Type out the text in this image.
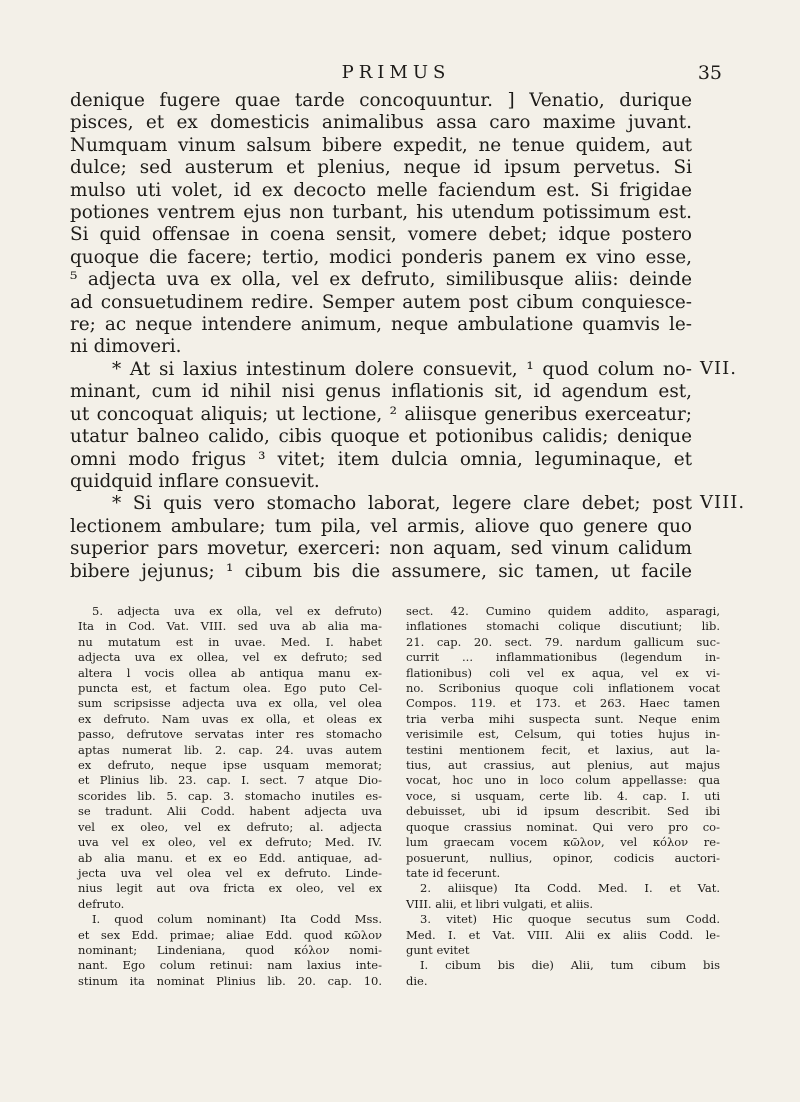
PRIMUS	35

denique fugere quae tarde concoquuntur. ] Venatio, durique

pisces, et ex domesticis animalibus assa caro maxime juvant.

Numquam vinum salsum bibere expedit, ne tenue quidem, aut

dulce; sed austerum et plenius, neque id ipsum pervetus. Si

mulso uti volet, id ex decocto melle faciendum est. Si frigidae

potiones ventrem ejus non turbant, his utendum potissimum est.

Si quid offensae in coena sensit, vomere debet; idque postero

quoque die facere; tertio, modici ponderis panem ex vino esse,

⁵ adjecta uva ex olla, vel ex defruto, similibusque aliis: deinde

ad consuetudinem redire. Semper autem post cibum conquiesce-

re; ac neque intendere animum, neque ambulatione quamvis le-

ni dimoveri.

* At si laxius intestinum dolere consuevit, ¹ quod colum no-

minant, cum id nihil nisi genus inflationis sit, id agendum est,

ut concoquat aliquis; ut lectione, ² aliisque generibus exerceatur;

utatur balneo calido, cibis quoque et potionibus calidis; denique

omni modo frigus ³ vitet; item dulcia omnia, leguminaque, et

quidquid inflare consuevit.

* Si quis vero stomacho laborat, legere clare debet; post

lectionem ambulare; tum pila, vel armis, aliove quo genere quo

superior pars movetur, exerceri: non aquam, sed vinum calidum

bibere jejunus; ¹ cibum bis die assumere, sic tamen, ut facile

VII.
VIII.

5. adjecta uva ex olla, vel ex defruto)

Ita in Cod. Vat. VIII. sed uva ab alia ma-

nu mutatum est in uvae. Med. I. habet

adjecta uva ex ollea, vel ex defruto; sed

altera l vocis ollea ab antiqua manu ex-

puncta est, et factum olea. Ego puto Cel-

sum scripsisse adjecta uva ex olla, vel olea

ex defruto. Nam uvas ex olla, et oleas ex

passo, defrutove servatas inter res stomacho

aptas numerat lib. 2. cap. 24. uvas autem

ex defruto, neque ipse usquam memorat;

et Plinius lib. 23. cap. I. sect. 7 atque Dio-

scorides lib. 5. cap. 3. stomacho inutiles es-

se tradunt. Alii Codd. habent adjecta uva

vel ex oleo, vel ex defruto; al. adjecta

uva vel ex oleo, vel ex defruto; Med. IV.

ab alia manu. et ex eo Edd. antiquae, ad-

jecta uva vel olea vel ex defruto. Linde-

nius legit aut ova fricta ex oleo, vel ex

defruto.

I. quod colum nominant) Ita Codd Mss.

et sex Edd. primae; aliae Edd. quod κῶλον

nominant; Lindeniana, quod κόλον nomi-

nant. Ego colum retinui: nam laxius inte-

stinum ita nominat Plinius lib. 20. cap. 10.

sect. 42. Cumino quidem addito, asparagi,

inflationes stomachi colique discutiunt; lib.

21. cap. 20. sect. 79. nardum gallicum suc-

currit ... inflammationibus (legendum in-

flationibus) coli vel ex aqua, vel ex vi-

no. Scribonius quoque coli inflationem vocat

Compos. 119. et 173. et 263. Haec tamen

tria verba mihi suspecta sunt. Neque enim

verisimile est, Celsum, qui toties hujus in-

testini mentionem fecit, et laxius, aut la-

tius, aut crassius, aut plenius, aut majus

vocat, hoc uno in loco colum appellasse: qua

voce, si usquam, certe lib. 4. cap. I. uti

debuisset, ubi id ipsum describit. Sed ibi

quoque crassius nominat. Qui vero pro co-

lum graecam vocem κῶλον, vel κόλον re-

posuerunt, nullius, opinor, codicis auctori-

tate id fecerunt.

2. aliisque) Ita Codd. Med. I. et Vat.

VIII. alii, et libri vulgati, et aliis.

3. vitet) Hic quoque secutus sum Codd.

Med. I. et Vat. VIII. Alii ex aliis Codd. le-

gunt evitet

I. cibum bis die) Alii, tum cibum bis

die.
